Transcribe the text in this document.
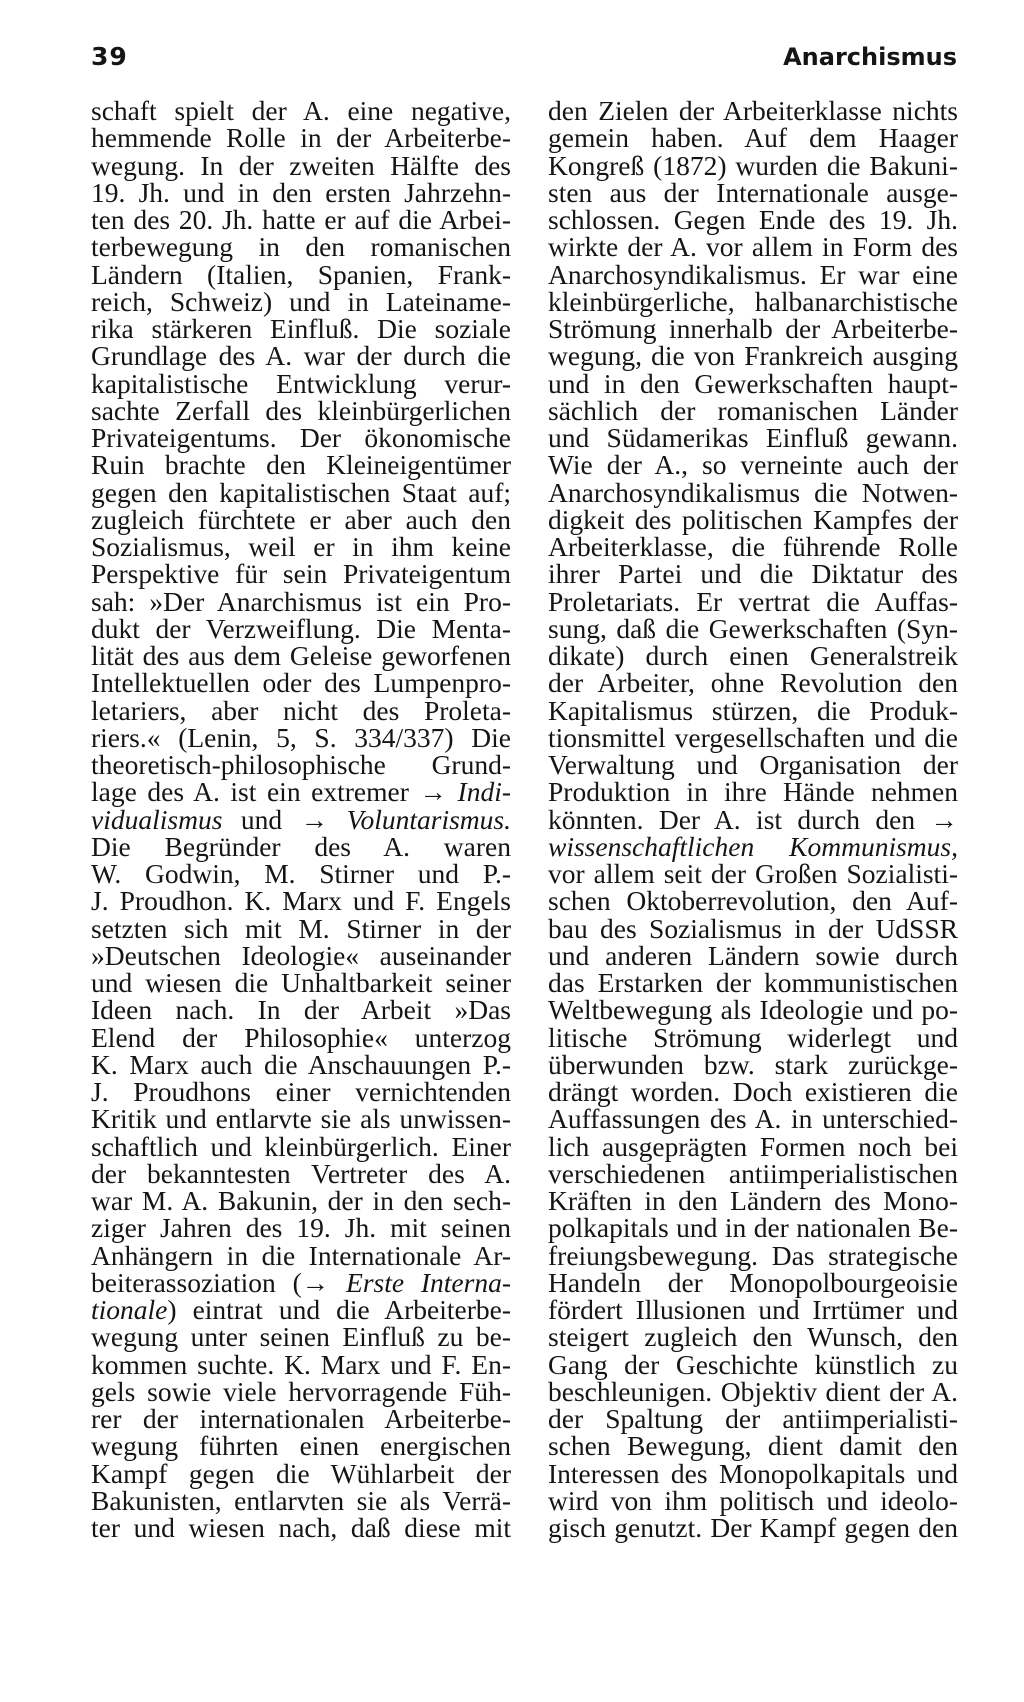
39	Anarchismus
schaft spielt der A. eine negative,
hemmende Rolle in der Arbeiterbe-
wegung. In der zweiten Hälfte des
19. Jh. und in den ersten Jahrzehn-
ten des 20. Jh. hatte er auf die Arbei-
terbewegung in den romanischen
Ländern (Italien, Spanien, Frank-
reich, Schweiz) und in Lateiname-
rika stärkeren Einfluß. Die soziale
Grundlage des A. war der durch die
kapitalistische Entwicklung verur-
sachte Zerfall des kleinbürgerlichen
Privateigentums. Der ökonomische
Ruin brachte den Kleineigentümer
gegen den kapitalistischen Staat auf;
zugleich fürchtete er aber auch den
Sozialismus, weil er in ihm keine
Perspektive für sein Privateigentum
sah: »Der Anarchismus ist ein Pro-
dukt der Verzweiflung. Die Menta-
lität des aus dem Geleise geworfenen
Intellektuellen oder des Lumpenpro-
letariers, aber nicht des Proleta-
riers.« (Lenin, 5, S. 334/337) Die
theoretisch-philosophische Grund-
lage des A. ist ein extremer → Indi-
vidualismus und → Voluntarismus.
Die Begründer des A. waren
W. Godwin, M. Stirner und P.-
J. Proudhon. K. Marx und F. Engels
setzten sich mit M. Stirner in der
»Deutschen Ideologie« auseinander
und wiesen die Unhaltbarkeit seiner
Ideen nach. In der Arbeit »Das
Elend der Philosophie« unterzog
K. Marx auch die Anschauungen P.-
J. Proudhons einer vernichtenden
Kritik und entlarvte sie als unwissen-
schaftlich und kleinbürgerlich. Einer
der bekanntesten Vertreter des A.
war M. A. Bakunin, der in den sech-
ziger Jahren des 19. Jh. mit seinen
Anhängern in die Internationale Ar-
beiterassoziation (→ Erste Interna-
tionale) eintrat und die Arbeiterbe-
wegung unter seinen Einfluß zu be-
kommen suchte. K. Marx und F. En-
gels sowie viele hervorragende Füh-
rer der internationalen Arbeiterbe-
wegung führten einen energischen
Kampf gegen die Wühlarbeit der
Bakunisten, entlarvten sie als Verrä-
ter und wiesen nach, daß diese mit
den Zielen der Arbeiterklasse nichts
gemein haben. Auf dem Haager
Kongreß (1872) wurden die Bakuni-
sten aus der Internationale ausge-
schlossen. Gegen Ende des 19. Jh.
wirkte der A. vor allem in Form des
Anarchosyndikalismus. Er war eine
kleinbürgerliche, halbanarchistische
Strömung innerhalb der Arbeiterbe-
wegung, die von Frankreich ausging
und in den Gewerkschaften haupt-
sächlich der romanischen Länder
und Südamerikas Einfluß gewann.
Wie der A., so verneinte auch der
Anarchosyndikalismus die Notwen-
digkeit des politischen Kampfes der
Arbeiterklasse, die führende Rolle
ihrer Partei und die Diktatur des
Proletariats. Er vertrat die Auffas-
sung, daß die Gewerkschaften (Syn-
dikate) durch einen Generalstreik
der Arbeiter, ohne Revolution den
Kapitalismus stürzen, die Produk-
tionsmittel vergesellschaften und die
Verwaltung und Organisation der
Produktion in ihre Hände nehmen
könnten. Der A. ist durch den →
wissenschaftlichen Kommunismus,
vor allem seit der Großen Sozialisti-
schen Oktoberrevolution, den Auf-
bau des Sozialismus in der UdSSR
und anderen Ländern sowie durch
das Erstarken der kommunistischen
Weltbewegung als Ideologie und po-
litische Strömung widerlegt und
überwunden bzw. stark zurückge-
drängt worden. Doch existieren die
Auffassungen des A. in unterschied-
lich ausgeprägten Formen noch bei
verschiedenen antiimperialistischen
Kräften in den Ländern des Mono-
polkapitals und in der nationalen Be-
freiungsbewegung. Das strategische
Handeln der Monopolbourgeoisie
fördert Illusionen und Irrtümer und
steigert zugleich den Wunsch, den
Gang der Geschichte künstlich zu
beschleunigen. Objektiv dient der A.
der Spaltung der antiimperialisti-
schen Bewegung, dient damit den
Interessen des Monopolkapitals und
wird von ihm politisch und ideolo-
gisch genutzt. Der Kampf gegen den
